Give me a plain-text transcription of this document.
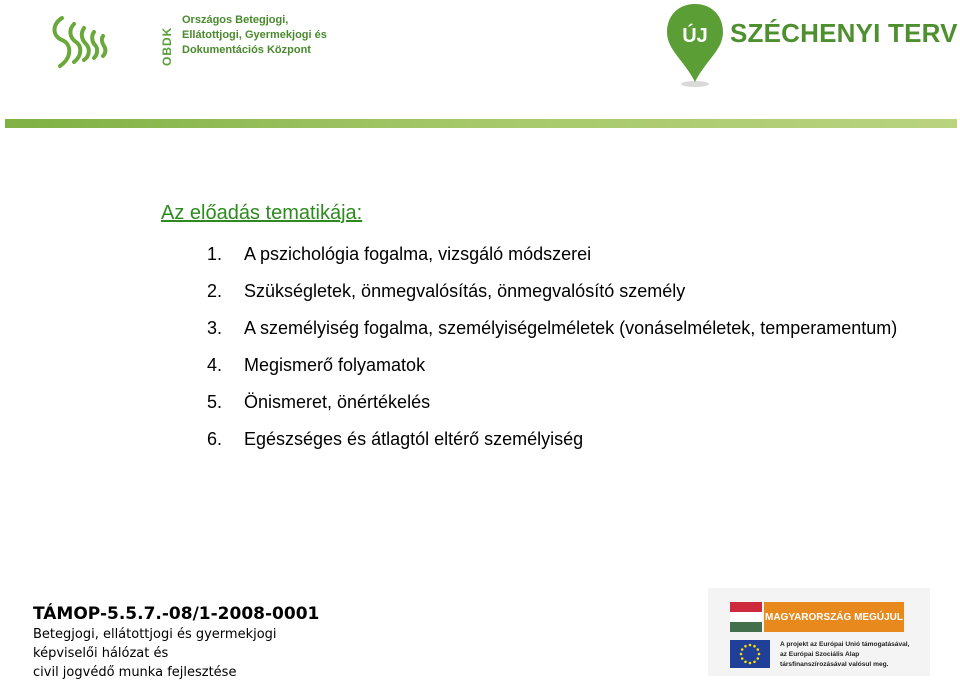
OBDK
Országos Betegjogi,
Ellátottjogi, Gyermekjogi és
Dokumentációs Központ
ÚJ SZÉCHENYI TERV
Az előadás tematikája:
1. A pszichológia fogalma, vizsgáló módszerei
2. Szükségletek, önmegvalósítás, önmegvalósító személy
3. A személyiség fogalma, személyiségelméletek (vonáselméletek, temperamentum)
4. Megismerő folyamatok
5. Önismeret, önértékelés
6. Egészséges és átlagtól eltérő személyiség
TÁMOP-5.5.7.-08/1-2008-0001
Betegjogi, ellátottjogi és gyermekjogi
képviselői hálózat és
civil jogvédő munka fejlesztése
MAGYARORSZÁG MEGÚJUL
A projekt az Európai Unió támogatásával,
az Európai Szociális Alap
társfinanszírozásával valósul meg.
